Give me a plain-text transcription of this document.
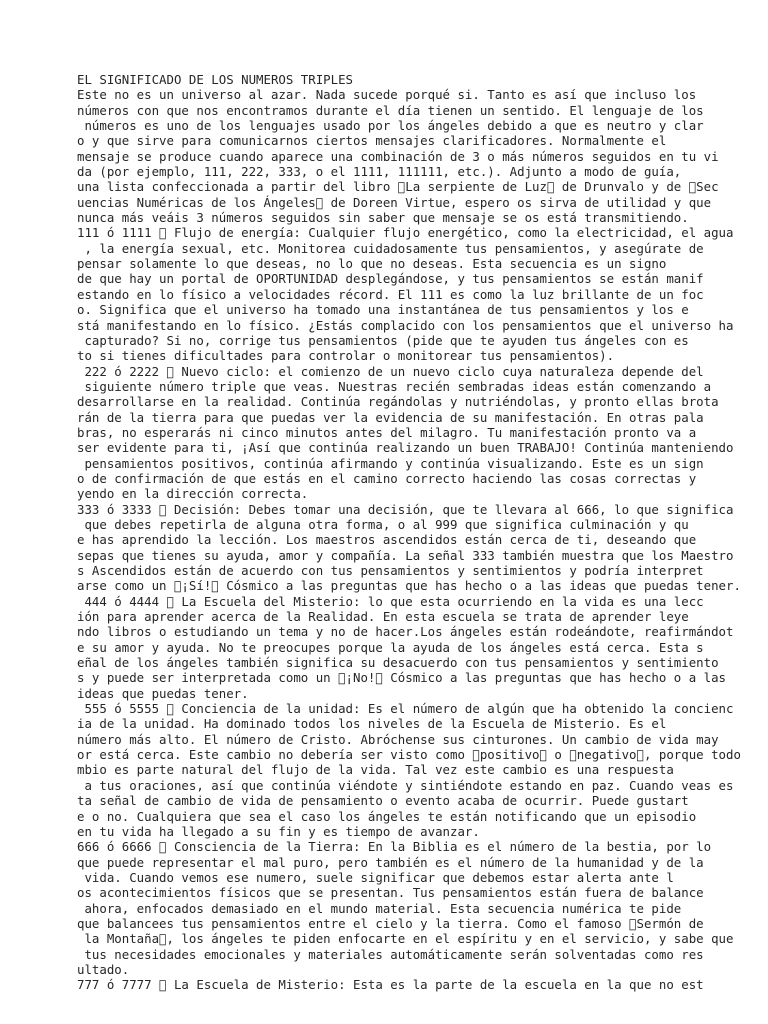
EL SIGNIFICADO DE LOS NUMEROS TRIPLES
Este no es un universo al azar. Nada sucede porqué si. Tanto es así que incluso los
números con que nos encontramos durante el día tienen un sentido. El lenguaje de los
números es uno de los lenguajes usado por los ángeles debido a que es neutro y clar
o y que sirve para comunicarnos ciertos mensajes clarificadores. Normalmente el
mensaje se produce cuando aparece una combinación de 3 o más números seguidos en tu vi
da (por ejemplo, 111, 222, 333, o el 1111, 111111, etc.). Adjunto a modo de guía,
una lista confeccionada a partir del libro  La serpiente de Luz  de Drunvalo y de  Sec
uencias Numéricas de los Ángeles  de Doreen Virtue, espero os sirva de utilidad y que
nunca más veáis 3 números seguidos sin saber que mensaje se os está transmitiendo.
111 ó 1111   Flujo de energía: Cualquier flujo energético, como la electricidad, el agua
, la energía sexual, etc. Monitorea cuidadosamente tus pensamientos, y asegúrate de
pensar solamente lo que deseas, no lo que no deseas. Esta secuencia es un signo
de que hay un portal de OPORTUNIDAD desplegándose, y tus pensamientos se están manif
estando en lo físico a velocidades récord. El 111 es como la luz brillante de un foc
o. Significa que el universo ha tomado una instantánea de tus pensamientos y los e
stá manifestando en lo físico. ¿Estás complacido con los pensamientos que el universo ha
capturado? Si no, corrige tus pensamientos (pide que te ayuden tus ángeles con es
to si tienes dificultades para controlar o monitorear tus pensamientos).
222 ó 2222   Nuevo ciclo: el comienzo de un nuevo ciclo cuya naturaleza depende del
siguiente número triple que veas. Nuestras recién sembradas ideas están comenzando a
desarrollarse en la realidad. Continúa regándolas y nutriéndolas, y pronto ellas brota
rán de la tierra para que puedas ver la evidencia de su manifestación. En otras pala
bras, no esperarás ni cinco minutos antes del milagro. Tu manifestación pronto va a
ser evidente para ti, ¡Así que continúa realizando un buen TRABAJO! Continúa manteniendo
pensamientos positivos, continúa afirmando y continúa visualizando. Este es un sign
o de confirmación de que estás en el camino correcto haciendo las cosas correctas y
yendo en la dirección correcta.
333 ó 3333   Decisión: Debes tomar una decisión, que te llevara al 666, lo que significa
que debes repetirla de alguna otra forma, o al 999 que significa culminación y qu
e has aprendido la lección. Los maestros ascendidos están cerca de ti, deseando que
sepas que tienes su ayuda, amor y compañía. La señal 333 también muestra que los Maestro
s Ascendidos están de acuerdo con tus pensamientos y sentimientos y podría interpret
arse como un  ¡Sí!  Cósmico a las preguntas que has hecho o a las ideas que puedas tener.
444 ó 4444   La Escuela del Misterio: lo que esta ocurriendo en la vida es una lecc
ión para aprender acerca de la Realidad. En esta escuela se trata de aprender leye
ndo libros o estudiando un tema y no de hacer.Los ángeles están rodeándote, reafirmándot
e su amor y ayuda. No te preocupes porque la ayuda de los ángeles está cerca. Esta s
eñal de los ángeles también significa su desacuerdo con tus pensamientos y sentimiento
s y puede ser interpretada como un  ¡No!  Cósmico a las preguntas que has hecho o a las
ideas que puedas tener.
555 ó 5555   Conciencia de la unidad: Es el número de algún que ha obtenido la concienc
ia de la unidad. Ha dominado todos los niveles de la Escuela de Misterio. Es el
número más alto. El número de Cristo. Abróchense sus cinturones. Un cambio de vida may
or está cerca. Este cambio no debería ser visto como  positivo  o  negativo , porque todo
mbio es parte natural del flujo de la vida. Tal vez este cambio es una respuesta
a tus oraciones, así que continúa viéndote y sintiéndote estando en paz. Cuando veas es
ta señal de cambio de vida de pensamiento o evento acaba de ocurrir. Puede gustart
e o no. Cualquiera que sea el caso los ángeles te están notificando que un episodio
en tu vida ha llegado a su fin y es tiempo de avanzar.
666 ó 6666   Consciencia de la Tierra: En la Biblia es el número de la bestia, por lo
que puede representar el mal puro, pero también es el número de la humanidad y de la
vida. Cuando vemos ese numero, suele significar que debemos estar alerta ante l
os acontecimientos físicos que se presentan. Tus pensamientos están fuera de balance
ahora, enfocados demasiado en el mundo material. Esta secuencia numérica te pide
que balancees tus pensamientos entre el cielo y la tierra. Como el famoso  Sermón de
la Montaña , los ángeles te piden enfocarte en el espíritu y en el servicio, y sabe que
tus necesidades emocionales y materiales automáticamente serán solventadas como res
ultado.
777 ó 7777   La Escuela de Misterio: Esta es la parte de la escuela en la que no est
